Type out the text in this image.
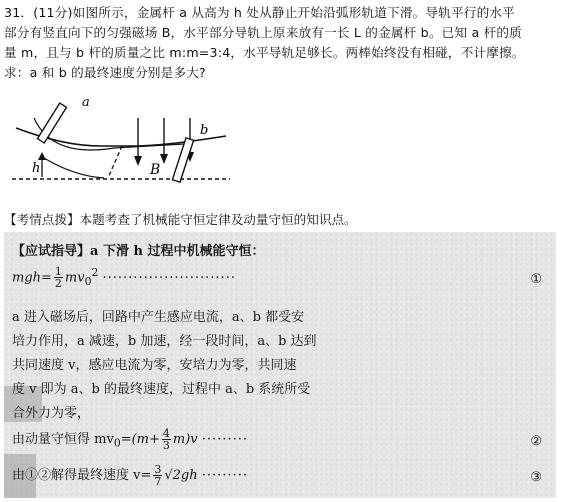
31．(11分)如图所示，金属杆 a 从高为 h 处从静止开始沿弧形轨道下滑。导轨平行的水平
部分有竖直向下的匀强磁场 B，水平部分导轨上原来放有一长 L 的金属杆 b。已知 a 杆的质
量 m，且与 b 杆的质量之比 m:m=3:4，水平导轨足够长。两棒始终没有相碰，不计摩擦。
求：a 和 b 的最终速度分别是多大?
a
b
h	B
【考情点拨】本题考查了机械能守恒定律及动量守恒的知识点。
【应试指导】a 下滑 h 过程中机械能守恒：
$mgh= \frac{1}{2} mv_0^2$ ··························	①
a 进入磁场后，回路中产生感应电流，a、b 都受安
培力作用，a 减速，b 加速，经一段时间，a、b 达到
共同速度 v，感应电流为零，安培力为零，共同速
度 v 即为 a、b 的最终速度，过程中 a、b 系统所受
合外力为零，
由动量守恒得 $mv_0=(m+ \frac{4}{3} m)v$ ·········	②
由①②解得最终速度 $v= \frac{3}{7} √2gh$ ·········	③
